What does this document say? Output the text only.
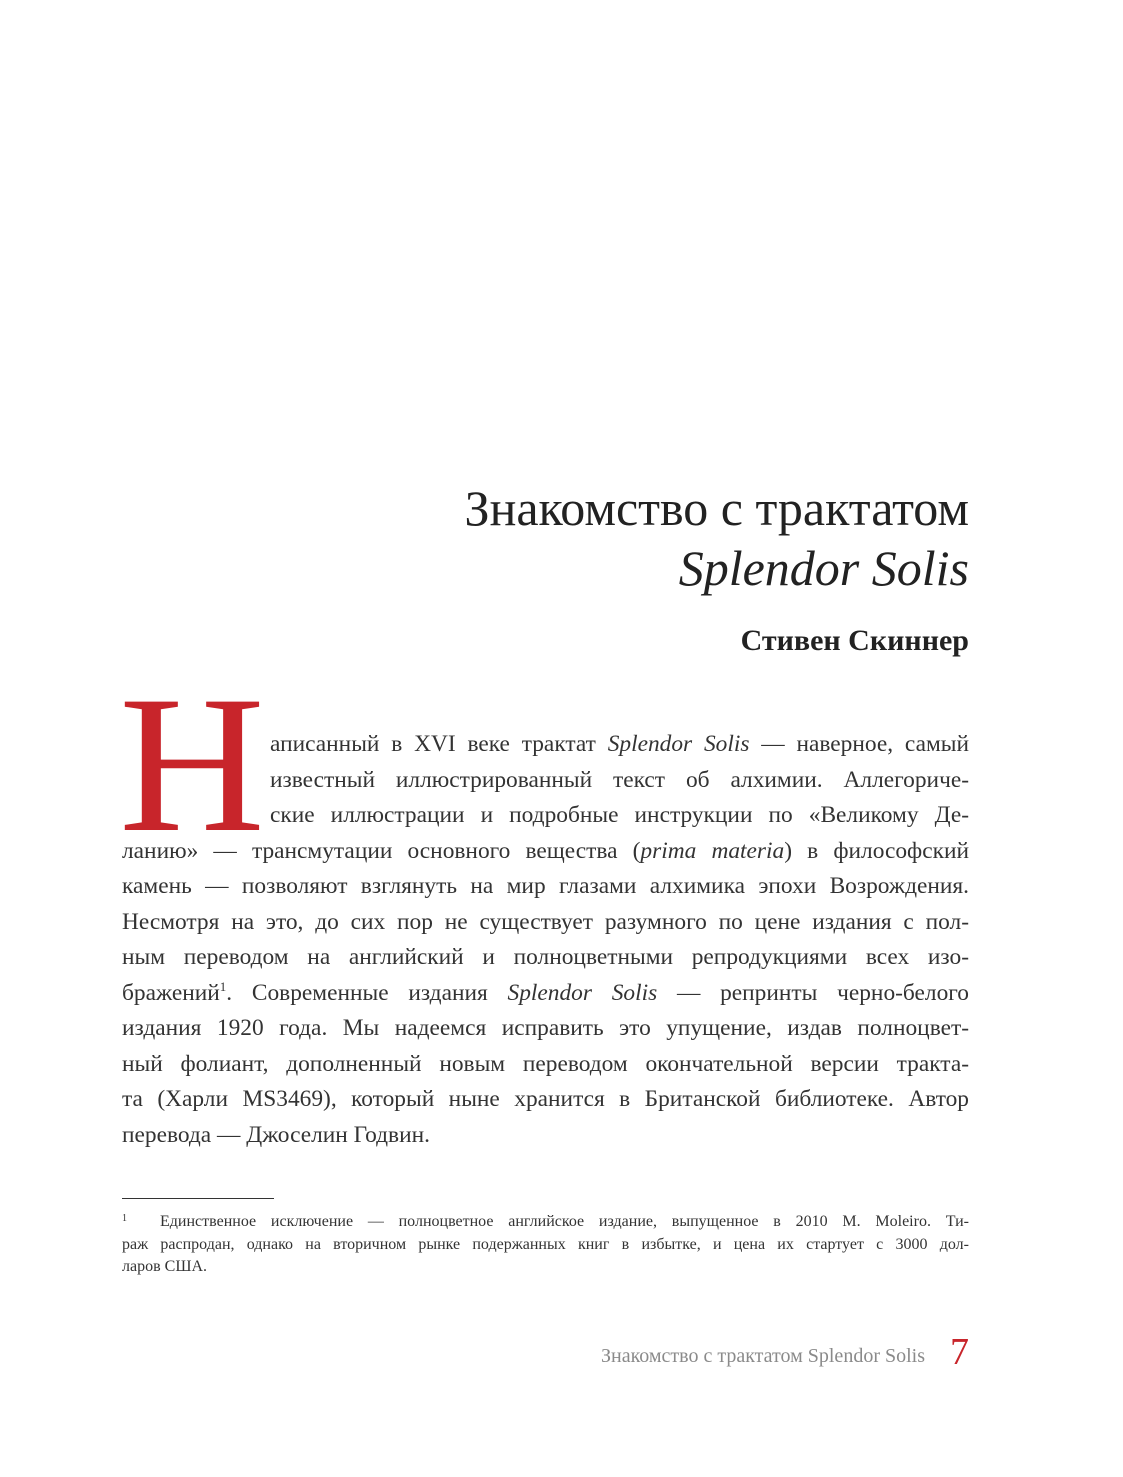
Знакомство с трактатом
Splendor Solis

Стивен Скиннер

Н аписанный в XVI веке трактат Splendor Solis — наверное, самый
известный иллюстрированный текст об алхимии. Аллегориче-
ские иллюстрации и подробные инструкции по «Великому Де-
ланию» — трансмутации основного вещества (prima materia) в философский
камень — позволяют взглянуть на мир глазами алхимика эпохи Возрождения.
Несмотря на это, до сих пор не существует разумного по цене издания с пол-
ным переводом на английский и полноцветными репродукциями всех изо-
бражений$^1$. Современные издания Splendor Solis — репринты черно-белого
издания 1920 года. Мы надеемся исправить это упущение, издав полноцвет-
ный фолиант, дополненный новым переводом окончательной версии тракта-
та (Харли MS3469), который ныне хранится в Британской библиотеке. Автор
перевода — Джоселин Годвин.
1 Единственное исключение — полноцветное английское издание, выпущенное в 2010 M. Moleiro. Ти-
раж распродан, однако на вторичном рынке подержанных книг в избытке, и цена их стартует с 3000 дол-
ларов США.

Знакомство с трактатом Splendor Solis 7
